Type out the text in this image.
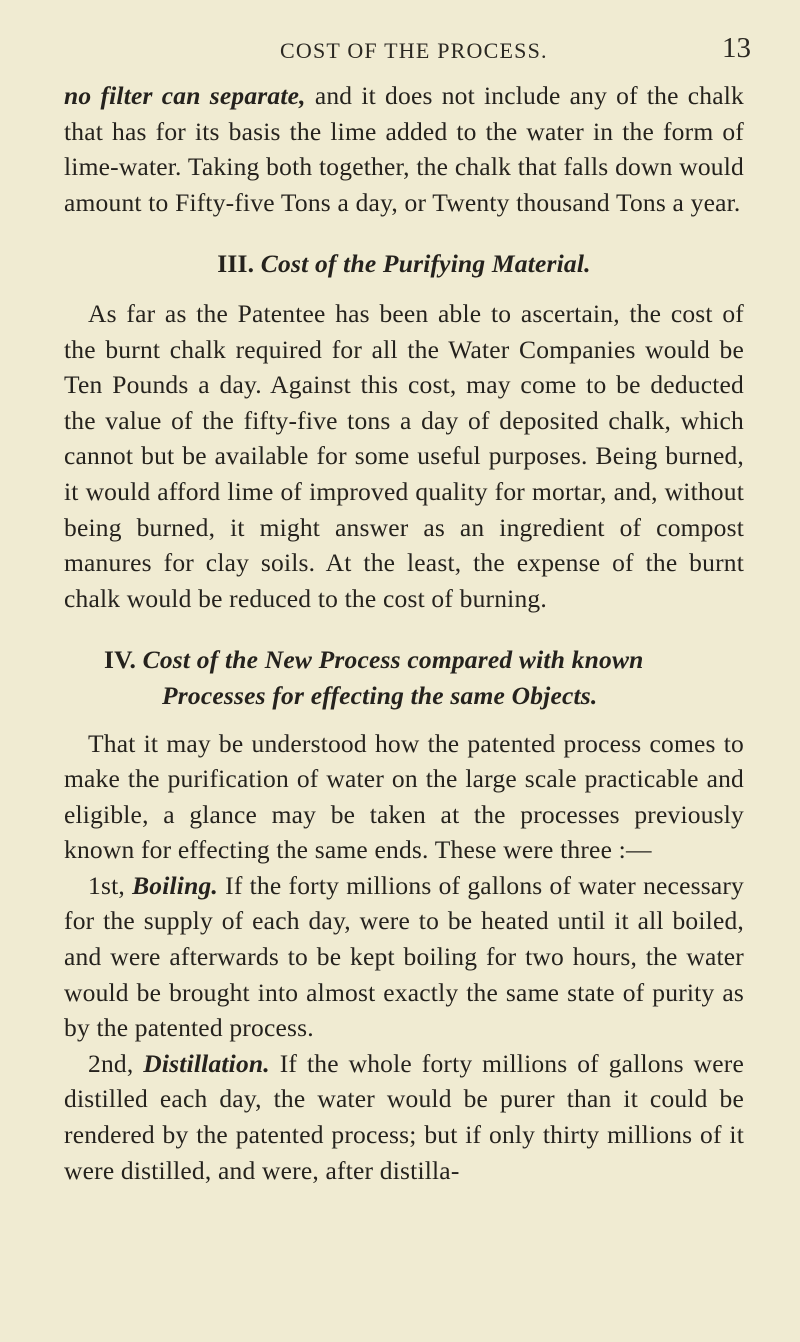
COST OF THE PROCESS.	13

no filter can separate, and it does not include any of the chalk that has for its basis the lime added to the water in the form of lime-water. Taking both together, the chalk that falls down would amount to Fifty-five Tons a day, or Twenty thousand Tons a year.

III. Cost of the Purifying Material.

As far as the Patentee has been able to ascertain, the cost of the burnt chalk required for all the Water Companies would be Ten Pounds a day. Against this cost, may come to be deducted the value of the fifty-five tons a day of deposited chalk, which cannot but be available for some useful purposes. Being burned, it would afford lime of improved quality for mortar, and, without being burned, it might answer as an ingredient of compost manures for clay soils. At the least, the expense of the burnt chalk would be reduced to the cost of burning.

IV. Cost of the New Process compared with known
Processes for effecting the same Objects.

That it may be understood how the patented process comes to make the purification of water on the large scale practicable and eligible, a glance may be taken at the processes previously known for effecting the same ends. These were three :—

1st, Boiling. If the forty millions of gallons of water necessary for the supply of each day, were to be heated until it all boiled, and were afterwards to be kept boiling for two hours, the water would be brought into almost exactly the same state of purity as by the patented process.

2nd, Distillation. If the whole forty millions of gallons were distilled each day, the water would be purer than it could be rendered by the patented process; but if only thirty millions of it were distilled, and were, after distilla-
